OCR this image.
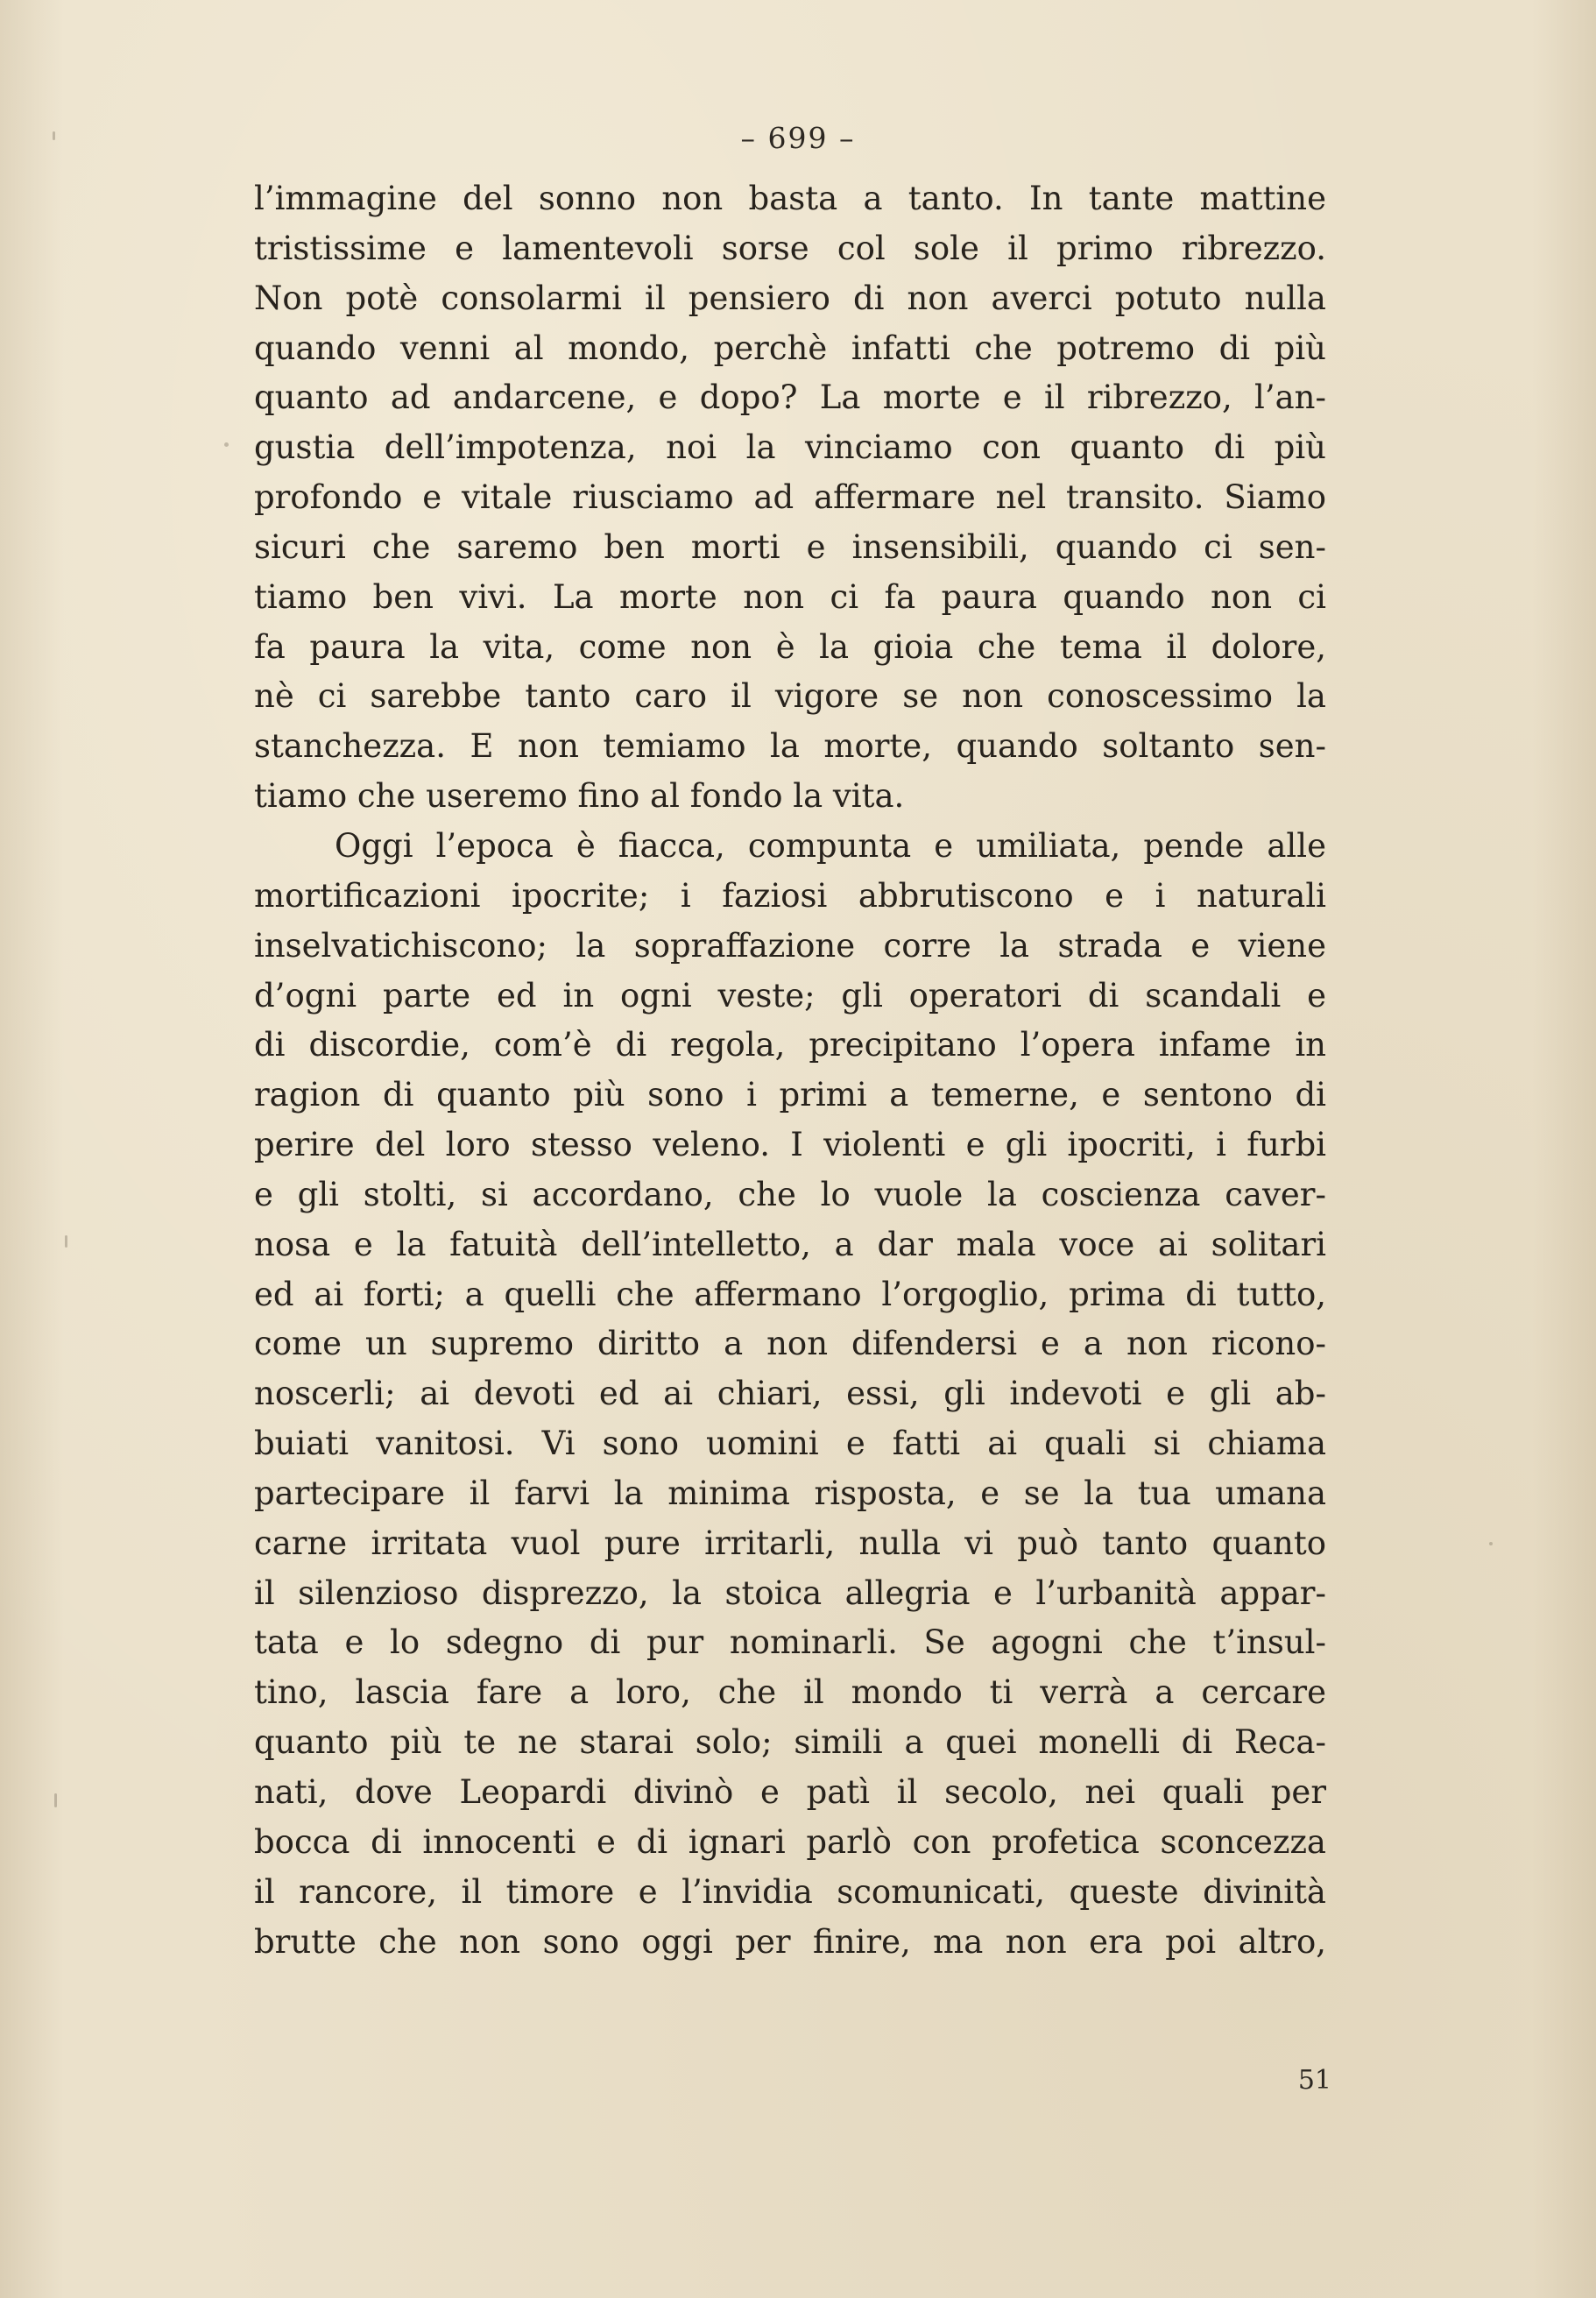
– 699 –
l’immagine del sonno non basta a tanto. In tante mattine
tristissime e lamentevoli sorse col sole il primo ribrezzo.
Non potè consolarmi il pensiero di non averci potuto nulla
quando venni al mondo, perchè infatti che potremo di più
quanto ad andarcene, e dopo? La morte e il ribrezzo, l’an-
gustia dell’impotenza, noi la vinciamo con quanto di più
profondo e vitale riusciamo ad affermare nel transito. Siamo
sicuri che saremo ben morti e insensibili, quando ci sen-
tiamo ben vivi. La morte non ci fa paura quando non ci
fa paura la vita, come non è la gioia che tema il dolore,
nè ci sarebbe tanto caro il vigore se non conoscessimo la
stanchezza. E non temiamo la morte, quando soltanto sen-
tiamo che useremo fino al fondo la vita.
Oggi l’epoca è fiacca, compunta e umiliata, pende alle
mortificazioni ipocrite; i faziosi abbrutiscono e i naturali
inselvatichiscono; la sopraffazione corre la strada e viene
d’ogni parte ed in ogni veste; gli operatori di scandali e
di discordie, com’è di regola, precipitano l’opera infame in
ragion di quanto più sono i primi a temerne, e sentono di
perire del loro stesso veleno. I violenti e gli ipocriti, i furbi
e gli stolti, si accordano, che lo vuole la coscienza caver-
nosa e la fatuità dell’intelletto, a dar mala voce ai solitari
ed ai forti; a quelli che affermano l’orgoglio, prima di tutto,
come un supremo diritto a non difendersi e a non ricono-
noscerli; ai devoti ed ai chiari, essi, gli indevoti e gli ab-
buiati vanitosi. Vi sono uomini e fatti ai quali si chiama
partecipare il farvi la minima risposta, e se la tua umana
carne irritata vuol pure irritarli, nulla vi può tanto quanto
il silenzioso disprezzo, la stoica allegria e l’urbanità appar-
tata e lo sdegno di pur nominarli. Se agogni che t’insul-
tino, lascia fare a loro, che il mondo ti verrà a cercare
quanto più te ne starai solo; simili a quei monelli di Reca-
nati, dove Leopardi divinò e patì il secolo, nei quali per
bocca di innocenti e di ignari parlò con profetica sconcezza
il rancore, il timore e l’invidia scomunicati, queste divinità
brutte che non sono oggi per finire, ma non era poi altro,
51
